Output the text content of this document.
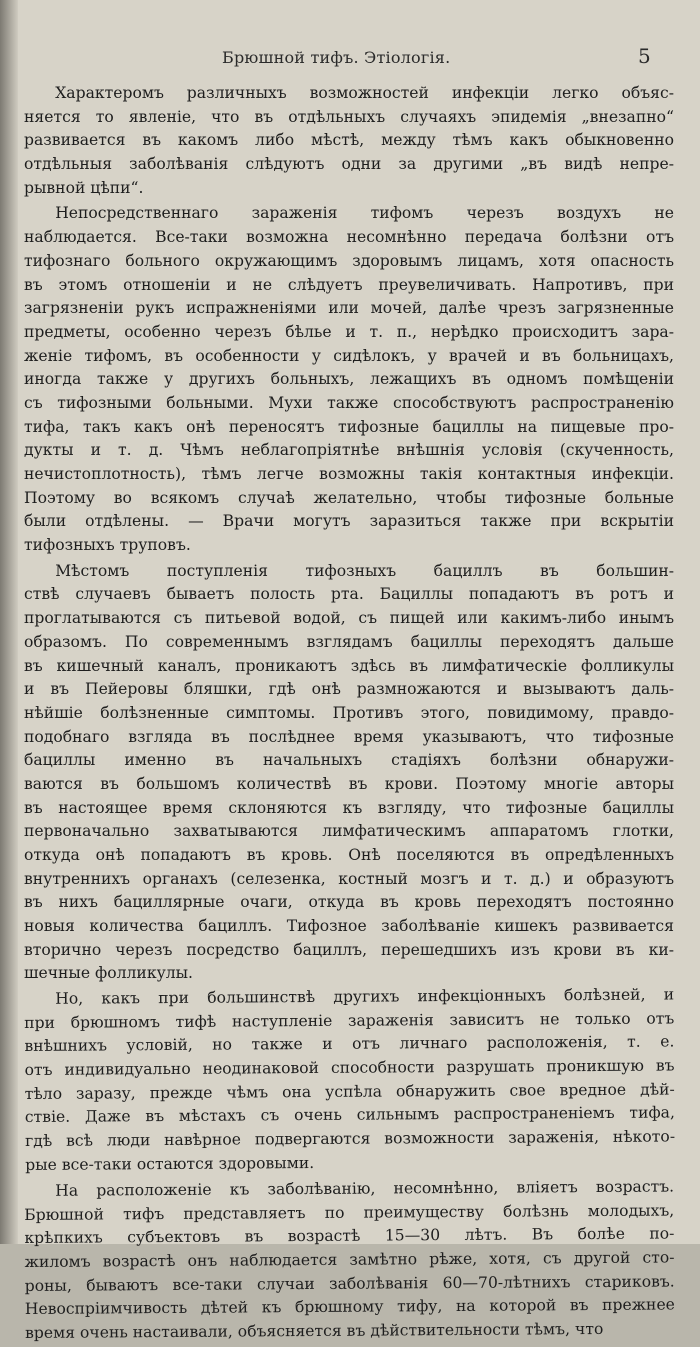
Брюшной тифъ. Этіологія.	5
  Характеромъ различныхъ возможностей инфекціи легко объяс-
няется то явленіе, что въ отдѣльныхъ случаяхъ эпидемія „внезапно“
развивается въ какомъ либо мѣстѣ, между тѣмъ какъ обыкновенно
отдѣльныя заболѣванія слѣдуютъ одни за другими „въ видѣ непре-
рывной цѣпи“.
  Непосредственнаго зараженія тифомъ черезъ воздухъ не
наблюдается. Все-таки возможна несомнѣнно передача болѣзни отъ
тифознаго больного окружающимъ здоровымъ лицамъ, хотя опасность
въ этомъ отношеніи и не слѣдуетъ преувеличивать. Напротивъ, при
загрязненіи рукъ испражненіями или мочей, далѣе чрезъ загрязненные
предметы, особенно черезъ бѣлье и т. п., нерѣдко происходитъ зара-
женіе тифомъ, въ особенности у сидѣлокъ, у врачей и въ больницахъ,
иногда также у другихъ больныхъ, лежащихъ въ одномъ помѣщеніи
съ тифозными больными. Мухи также способствуютъ распространенію
тифа, такъ какъ онѣ переносятъ тифозные бациллы на пищевые про-
дукты и т. д. Чѣмъ неблагопріятнѣе внѣшнія условія (скученность,
нечистоплотность), тѣмъ легче возможны такія контактныя инфекціи.
Поэтому во всякомъ случаѣ желательно, чтобы тифозные больные
были отдѣлены. — Врачи могутъ заразиться также при вскрытіи
тифозныхъ труповъ.
  Мѣстомъ поступленія тифозныхъ бациллъ въ большин-
ствѣ случаевъ бываетъ полость рта. Бациллы попадаютъ въ ротъ и
проглатываются съ питьевой водой, съ пищей или какимъ-либо инымъ
образомъ. По современнымъ взглядамъ бациллы переходятъ дальше
въ кишечный каналъ, проникаютъ здѣсь въ лимфатическіе фолликулы
и въ Пейеровы бляшки, гдѣ онѣ размножаются и вызываютъ даль-
нѣйшіе болѣзненные симптомы. Противъ этого, повидимому, правдо-
подобнаго взгляда въ послѣднее время указываютъ, что тифозные
бациллы именно въ начальныхъ стадіяхъ болѣзни обнаружи-
ваются въ большомъ количествѣ въ крови. Поэтому многіе авторы
въ настоящее время склоняются къ взгляду, что тифозные бациллы
первоначально захватываются лимфатическимъ аппаратомъ глотки,
откуда онѣ попадаютъ въ кровь. Онѣ поселяются въ опредѣленныхъ
внутреннихъ органахъ (селезенка, костный мозгъ и т. д.) и образуютъ
въ нихъ бациллярные очаги, откуда въ кровь переходятъ постоянно
новыя количества бациллъ. Тифозное заболѣваніе кишекъ развивается
вторично черезъ посредство бациллъ, перешедшихъ изъ крови въ ки-
шечные фолликулы.
  Но, какъ при большинствѣ другихъ инфекціонныхъ болѣзней, и
при брюшномъ тифѣ наступленіе зараженія зависитъ не только отъ
внѣшнихъ условій, но также и отъ личнаго расположенія, т. е.
отъ индивидуально неодинаковой способности разрушать проникшую въ
тѣло заразу, прежде чѣмъ она успѣла обнаружить свое вредное дѣй-
ствіе. Даже въ мѣстахъ съ очень сильнымъ распространеніемъ тифа,
гдѣ всѣ люди навѣрное подвергаются возможности зараженія, нѣкото-
рые все-таки остаются здоровыми.
  На расположеніе къ заболѣванію, несомнѣнно, вліяетъ возрастъ.
Брюшной тифъ представляетъ по преимуществу болѣзнь молодыхъ,
крѣпкихъ субъектовъ въ возрастѣ 15—30 лѣтъ. Въ болѣе по-
жиломъ возрастѣ онъ наблюдается замѣтно рѣже, хотя, съ другой сто-
роны, бываютъ все-таки случаи заболѣванія 60—70-лѣтнихъ стариковъ.
Невоспріимчивость дѣтей къ брюшному тифу, на которой въ прежнее
время очень настаивали, объясняется въ дѣйствительности тѣмъ, что
